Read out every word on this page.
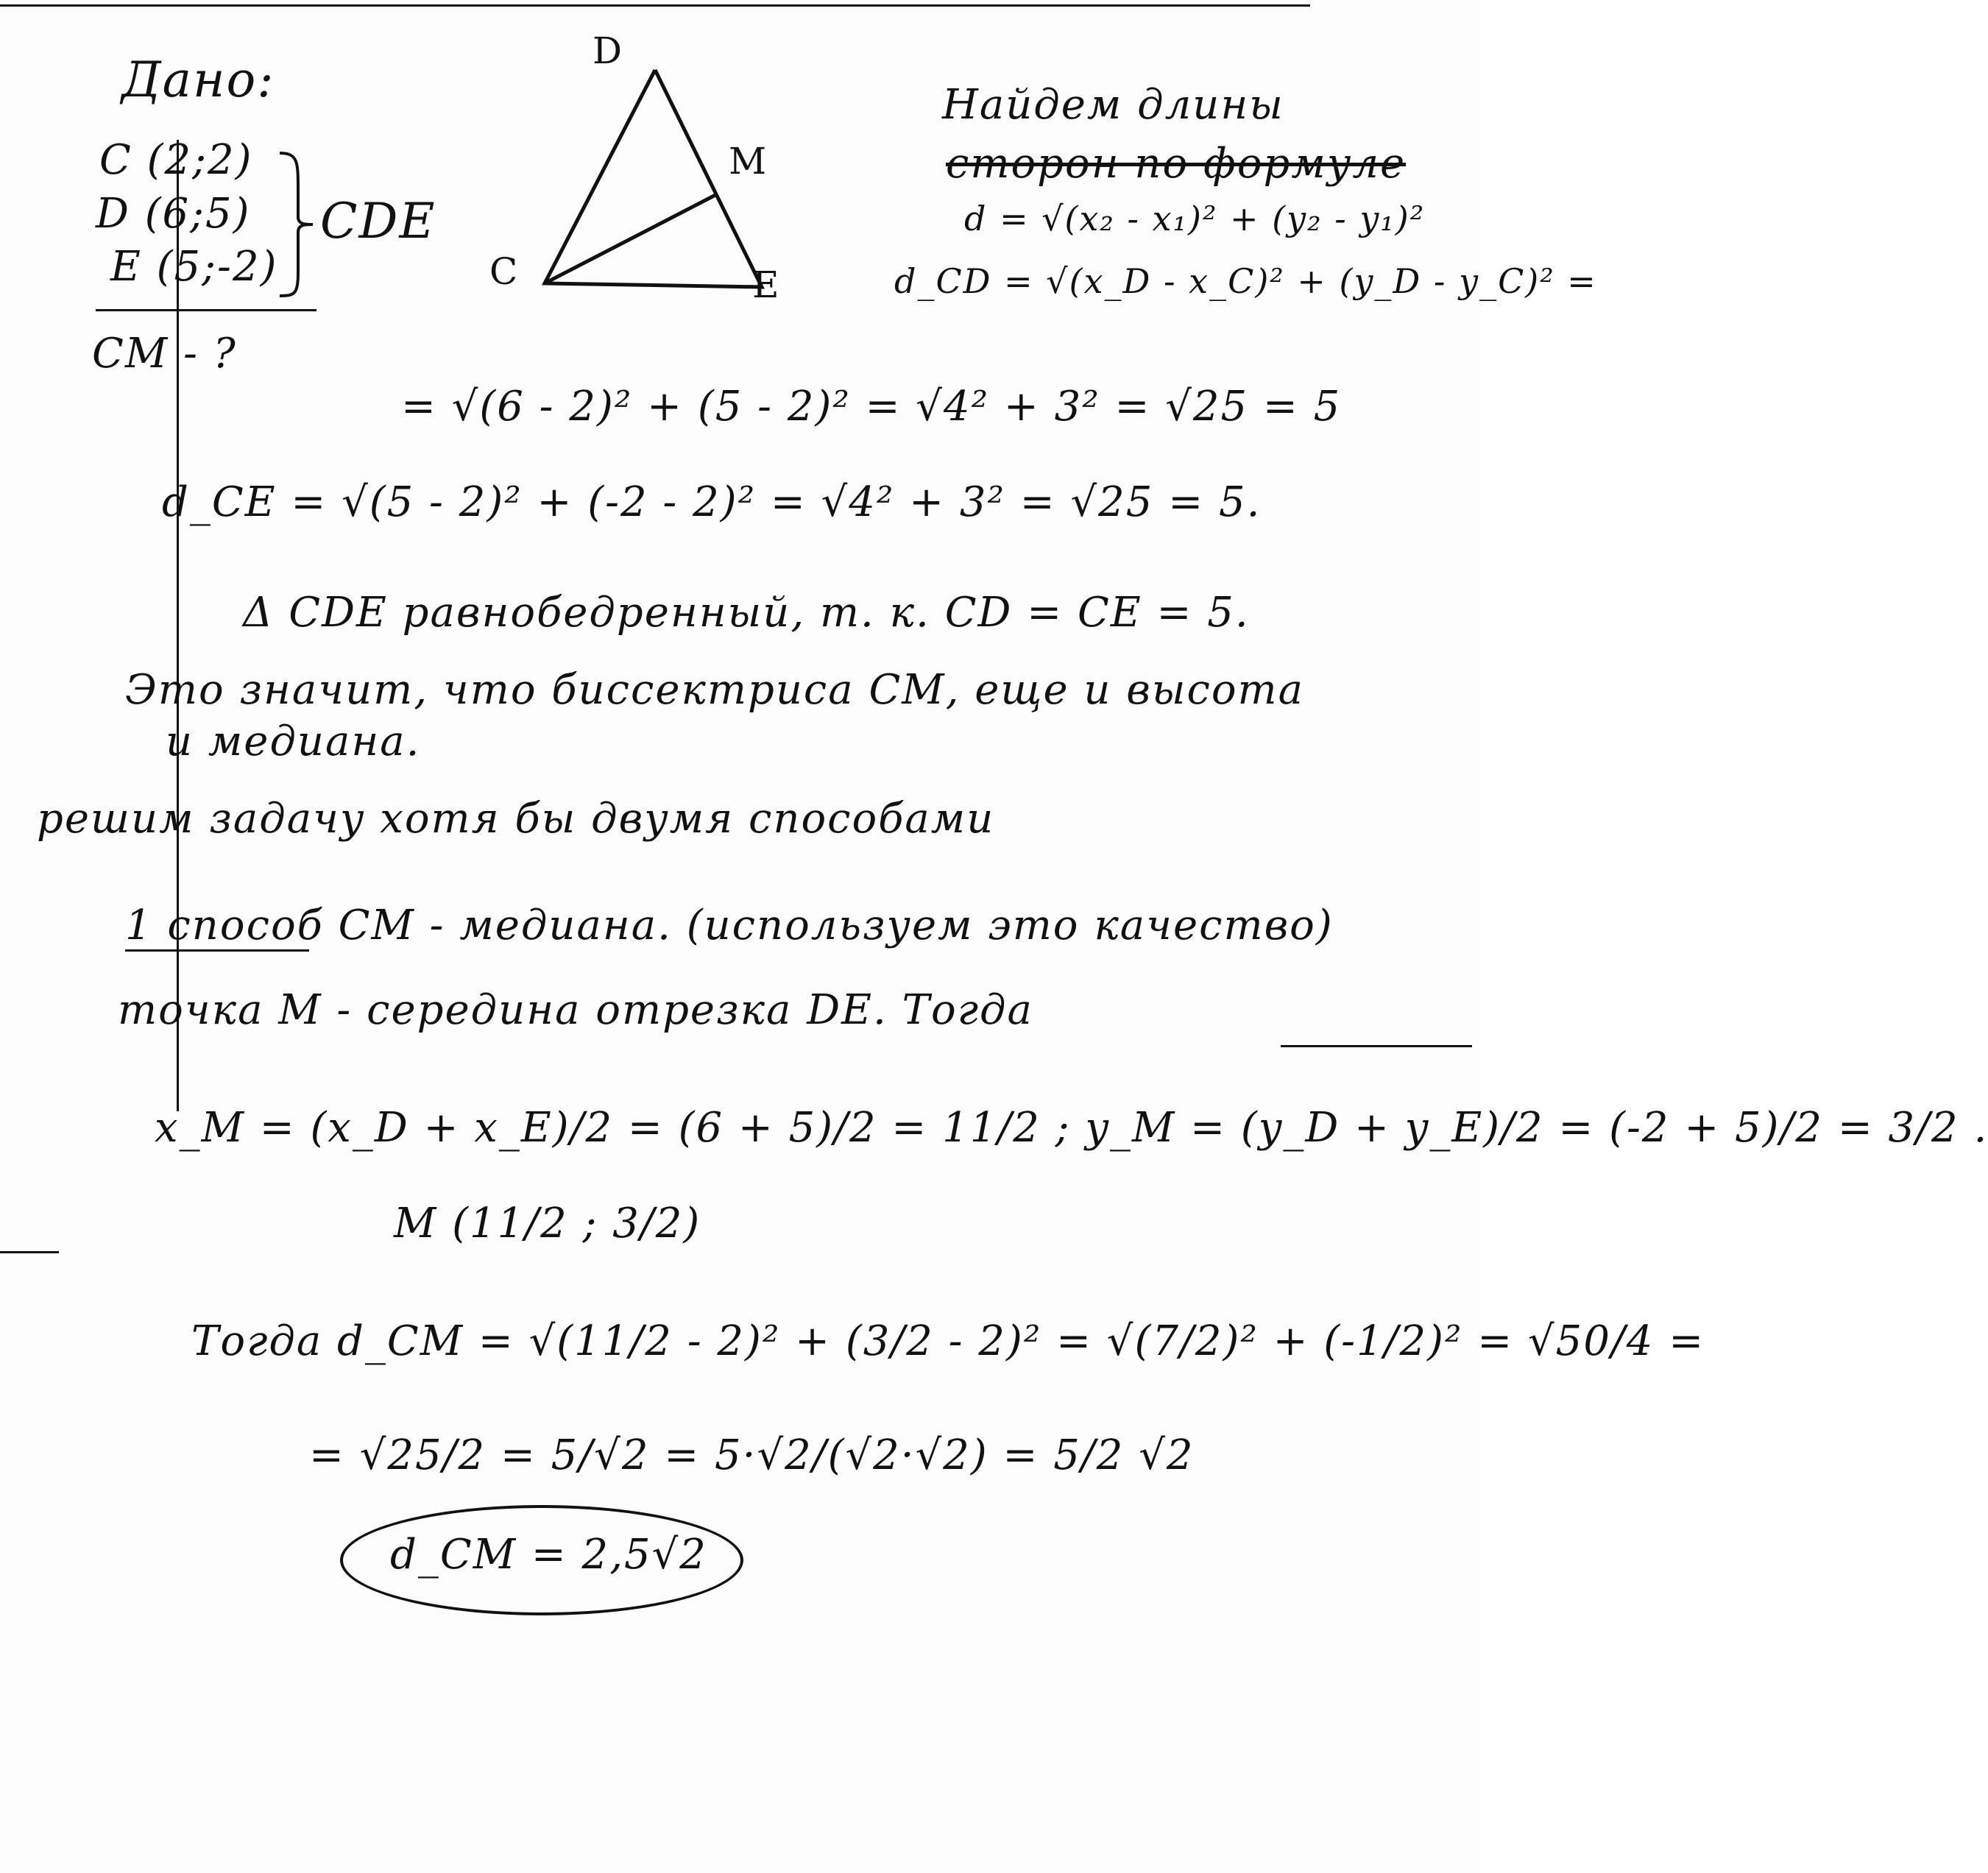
Дано:
C (2;2)
D (6;5)
E (5;-2)
CDE
CM - ?
D
M
C	E
Найдем длины
сторон по формуле
d = √(x₂ - x₁)² + (y₂ - y₁)²
d_CD = √(x_D - x_C)² + (y_D - y_C)² =
= √(6 - 2)² + (5 - 2)² = √4² + 3² = √25 = 5
d_CE = √(5 - 2)² + (-2 - 2)² = √4² + 3² = √25 = 5.
Δ CDE равнобедренный, т. к. CD = CE = 5.
Это значит, что биссектриса CM, еще и высота
и медиана.
решим задачу хотя бы двумя способами
1 способ CM - медиана. (используем это качество)
точка M - середина отрезка DE. Тогда
x_M = (x_D + x_E)/2 = (6 + 5)/2 = 11/2 ; y_M = (y_D + y_E)/2 = (-2 + 5)/2 = 3/2 .
M (11/2 ; 3/2)
Тогда d_CM = √(11/2 - 2)² + (3/2 - 2)² = √(7/2)² + (-1/2)² = √50/4 =
= √25/2 = 5/√2 = 5·√2/(√2·√2) = 5/2 √2
d_CM = 2,5√2
